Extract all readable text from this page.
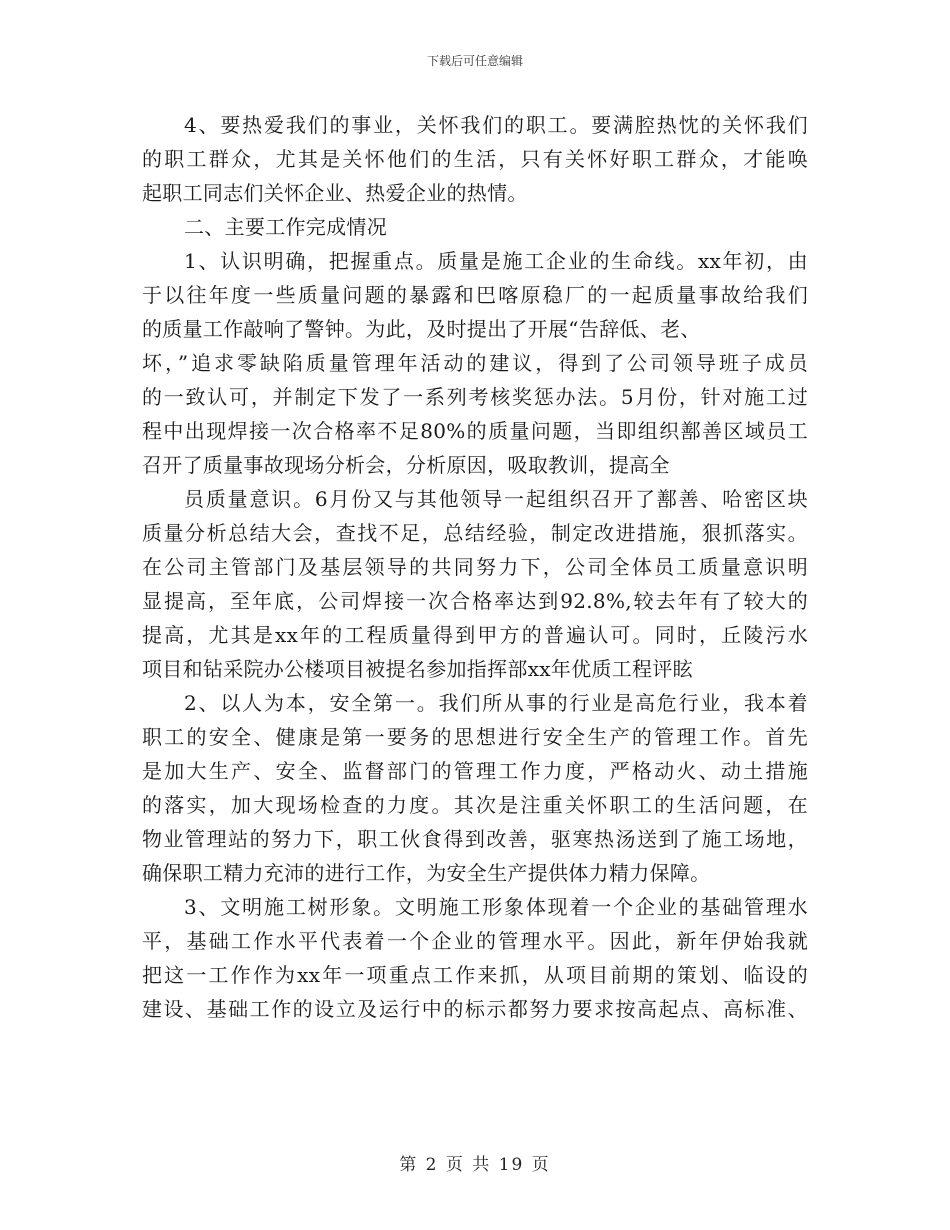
下载后可任意编辑
4、要热爱我们的事业，关怀我们的职工。要满腔热忱的关怀我们
的职工群众，尤其是关怀他们的生活，只有关怀好职工群众，才能唤
起职工同志们关怀企业、热爱企业的热情。
二、主要工作完成情况
1、认识明确，把握重点。质量是施工企业的生命线。xx年初，由
于以往年度一些质量问题的暴露和巴喀原稳厂的一起质量事故给我们
的质量工作敲响了警钟。为此，及时提出了开展“告辞低、老、
坏，”追求零缺陷质量管理年活动的建议，得到了公司领导班子成员
的一致认可，并制定下发了一系列考核奖惩办法。5月份，针对施工过
程中出现焊接一次合格率不足80%的质量问题，当即组织鄯善区域员工
召开了质量事故现场分析会，分析原因，吸取教训，提高全
员质量意识。6月份又与其他领导一起组织召开了鄯善、哈密区块
质量分析总结大会，查找不足，总结经验，制定改进措施，狠抓落实。
在公司主管部门及基层领导的共同努力下，公司全体员工质量意识明
显提高，至年底，公司焊接一次合格率达到92.8%,较去年有了较大的
提高，尤其是xx年的工程质量得到甲方的普遍认可。同时，丘陵污水
项目和钻采院办公楼项目被提名参加指挥部xx年优质工程评眩
2、以人为本，安全第一。我们所从事的行业是高危行业，我本着
职工的安全、健康是第一要务的思想进行安全生产的管理工作。首先
是加大生产、安全、监督部门的管理工作力度，严格动火、动土措施
的落实，加大现场检查的力度。其次是注重关怀职工的生活问题，在
物业管理站的努力下，职工伙食得到改善，驱寒热汤送到了施工场地，
确保职工精力充沛的进行工作，为安全生产提供体力精力保障。
3、文明施工树形象。文明施工形象体现着一个企业的基础管理水
平，基础工作水平代表着一个企业的管理水平。因此，新年伊始我就
把这一工作作为xx年一项重点工作来抓，从项目前期的策划、临设的
建设、基础工作的设立及运行中的标示都努力要求按高起点、高标准、
第 2 页 共 19 页
